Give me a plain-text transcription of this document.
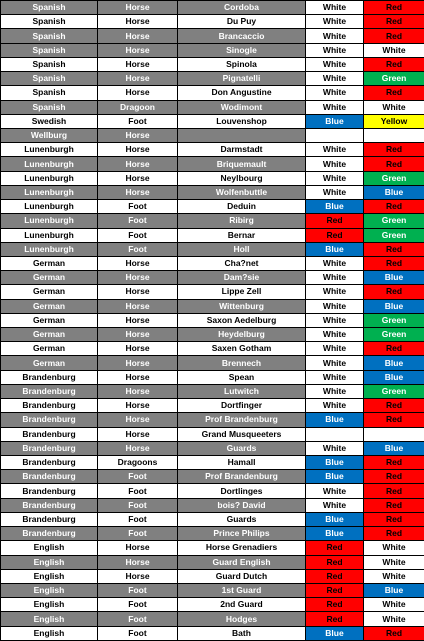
Spanish	Horse	Cordoba	White	Red
Spanish	Horse	Du Puy	White	Red
Spanish	Horse	Brancaccio	White	Red
Spanish	Horse	Sinogle	White	White
Spanish	Horse	Spinola	White	Red
Spanish	Horse	Pignatelli	White	Green
Spanish	Horse	Don Angustine	White	Red
Spanish	Dragoon	Wodimont	White	White
Swedish	Foot	Louvenshop	Blue	Yellow
Wellburg	Horse			
Lunenburgh	Horse	Darmstadt	White	Red
Lunenburgh	Horse	Briquemault	White	Red
Lunenburgh	Horse	Neylbourg	White	Green
Lunenburgh	Horse	Wolfenbuttle	White	Blue
Lunenburgh	Foot	Deduin	Blue	Red
Lunenburgh	Foot	Ribirg	Red	Green
Lunenburgh	Foot	Bernar	Red	Green
Lunenburgh	Foot	Holl	Blue	Red
German	Horse	Cha?net	White	Red
German	Horse	Dam?sie	White	Blue
German	Horse	Lippe Zell	White	Red
German	Horse	Wittenburg	White	Blue
German	Horse	Saxon Aedelburg	White	Green
German	Horse	Heydelburg	White	Green
German	Horse	Saxen Gotham	White	Red
German	Horse	Brennech	White	Blue
Brandenburg	Horse	Spean	White	Blue
Brandenburg	Horse	Lutwitch	White	Green
Brandenburg	Horse	Dortfinger	White	Red
Brandenburg	Horse	Prof Brandenburg	Blue	Red
Brandenburg	Horse	Grand Musqueeters		
Brandenburg	Horse	Guards	White	Blue
Brandenburg	Dragoons	Hamall	Blue	Red
Brandenburg	Foot	Prof Brandenburg	Blue	Red
Brandenburg	Foot	Dortlinges	White	Red
Brandenburg	Foot	bois? David	White	Red
Brandenburg	Foot	Guards	Blue	Red
Brandenburg	Foot	Prince Philips	Blue	Red
English	Horse	Horse Grenadiers	Red	White
English	Horse	Guard English	Red	White
English	Horse	Guard Dutch	Red	White
English	Foot	1st Guard	Red	Blue
English	Foot	2nd Guard	Red	White
English	Foot	Hodges	Red	White
English	Foot	Bath	Blue	Red
